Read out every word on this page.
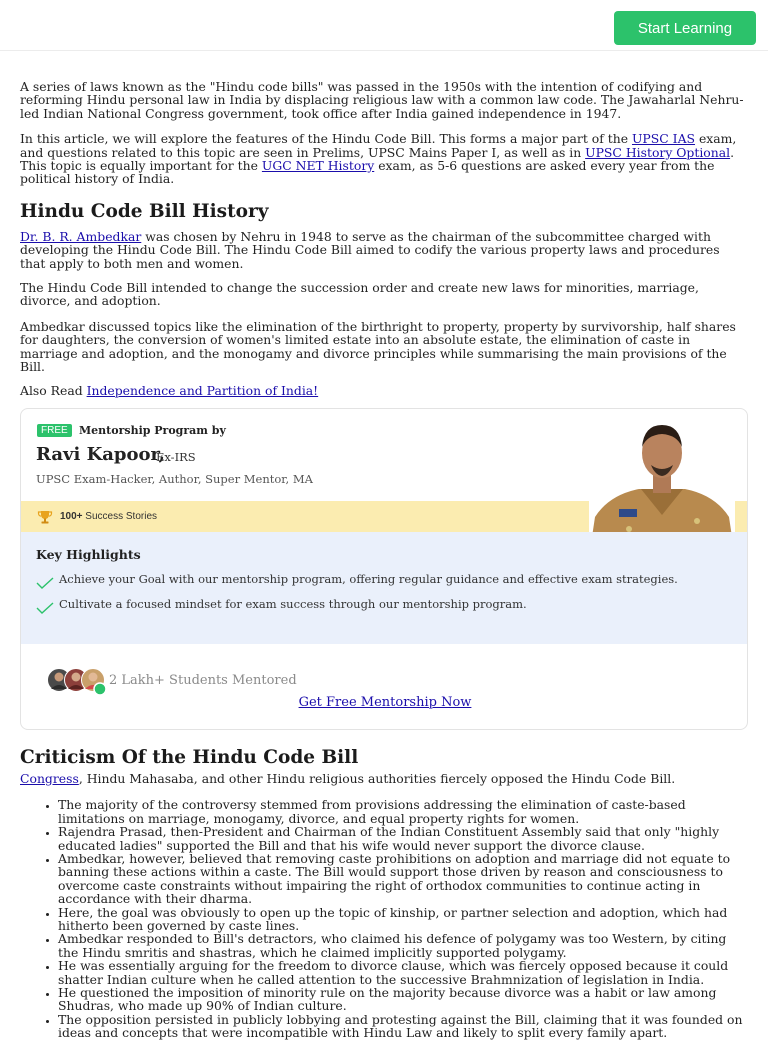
Start Learning

A series of laws known as the "Hindu code bills" was passed in the 1950s with the intention of codifying and reforming Hindu personal law in India by displacing religious law with a common law code. The Jawaharlal Nehru-led Indian National Congress government, took office after India gained independence in 1947.

In this article, we will explore the features of the Hindu Code Bill. This forms a major part of the UPSC IAS exam, and questions related to this topic are seen in Prelims, UPSC Mains Paper I, as well as in UPSC History Optional. This topic is equally important for the UGC NET History exam, as 5-6 questions are asked every year from the political history of India.

Hindu Code Bill History

Dr. B. R. Ambedkar was chosen by Nehru in 1948 to serve as the chairman of the subcommittee charged with developing the Hindu Code Bill. The Hindu Code Bill aimed to codify the various property laws and procedures that apply to both men and women.

The Hindu Code Bill intended to change the succession order and create new laws for minorities, marriage, divorce, and adoption.

Ambedkar discussed topics like the elimination of the birthright to property, property by survivorship, half shares for daughters, the conversion of women's limited estate into an absolute estate, the elimination of caste in marriage and adoption, and the monogamy and divorce principles while summarising the main provisions of the Bill.

Also Read Independence and Partition of India!

FREE	Mentorship Program by
Ravi Kapoor,
Ex-IRS
UPSC Exam-Hacker, Author, Super Mentor, MA
100+ Success Stories
Key Highlights
Achieve your Goal with our mentorship program, offering regular guidance and effective exam strategies.
Cultivate a focused mindset for exam success through our mentorship program.
2 Lakh+ Students Mentored
Get Free Mentorship Now
Criticism Of the Hindu Code Bill

Congress, Hindu Mahasaba, and other Hindu religious authorities fiercely opposed the Hindu Code Bill.

• The majority of the controversy stemmed from provisions addressing the elimination of caste-based limitations on marriage, monogamy, divorce, and equal property rights for women.
• Rajendra Prasad, then-President and Chairman of the Indian Constituent Assembly said that only "highly educated ladies" supported the Bill and that his wife would never support the divorce clause.
• Ambedkar, however, believed that removing caste prohibitions on adoption and marriage did not equate to banning these actions within a caste. The Bill would support those driven by reason and consciousness to overcome caste constraints without impairing the right of orthodox communities to continue acting in accordance with their dharma.
• Here, the goal was obviously to open up the topic of kinship, or partner selection and adoption, which had hitherto been governed by caste lines.
• Ambedkar responded to Bill's detractors, who claimed his defence of polygamy was too Western, by citing the Hindu smritis and shastras, which he claimed implicitly supported polygamy.
• He was essentially arguing for the freedom to divorce clause, which was fiercely opposed because it could shatter Indian culture when he called attention to the successive Brahmnization of legislation in India.
• He questioned the imposition of minority rule on the majority because divorce was a habit or law among Shudras, who made up 90% of Indian culture.
• The opposition persisted in publicly lobbying and protesting against the Bill, claiming that it was founded on ideas and concepts that were incompatible with Hindu Law and likely to split every family apart.
